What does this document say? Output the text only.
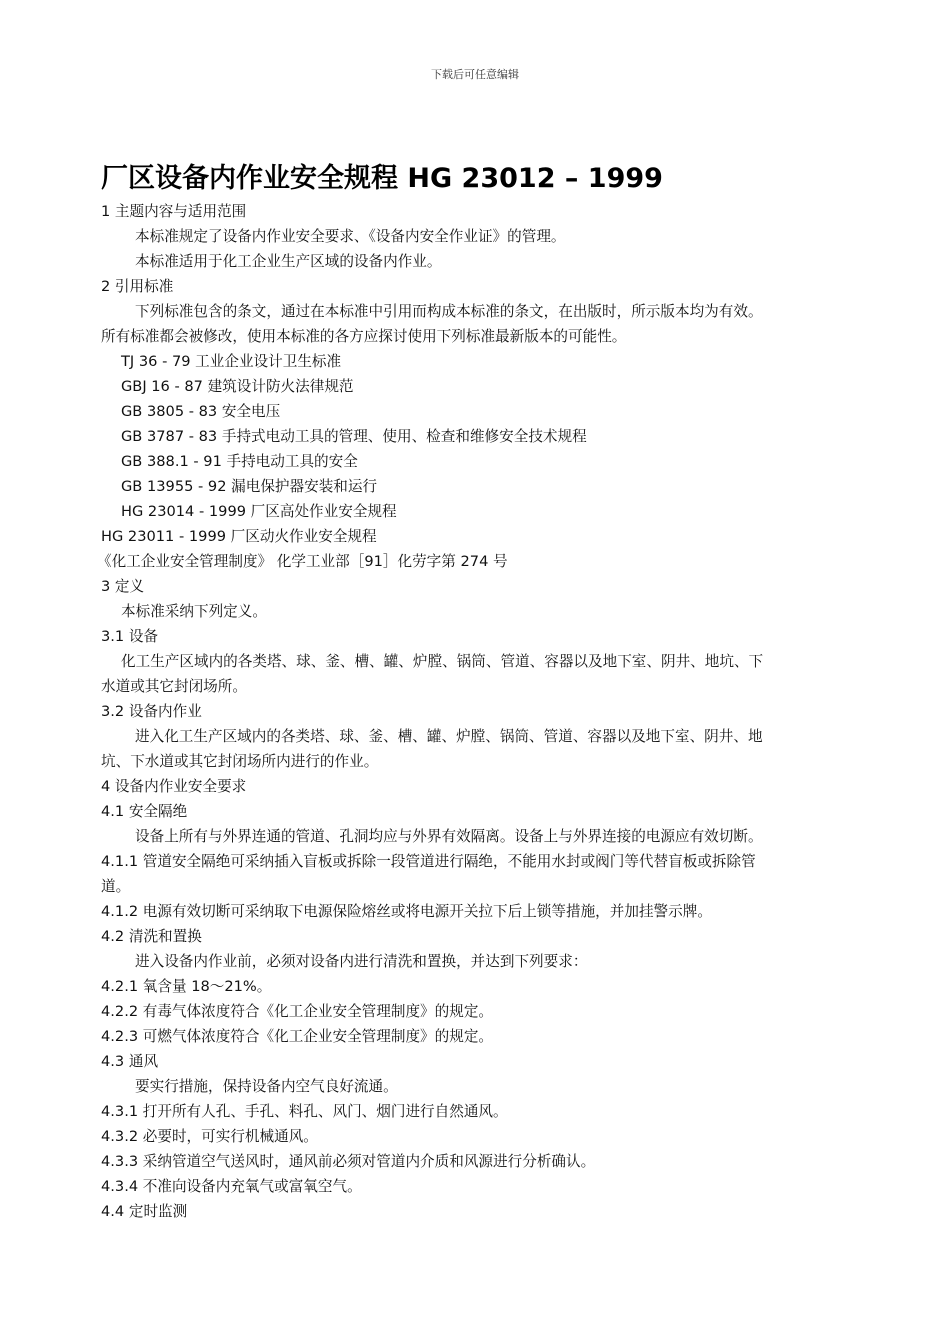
下载后可任意编辑
厂区设备内作业安全规程 HG 23012 – 1999
1 主题内容与适用范围
本标准规定了设备内作业安全要求、《设备内安全作业证》的管理。
本标准适用于化工企业生产区域的设备内作业。
2 引用标准
下列标准包含的条文，通过在本标准中引用而构成本标准的条文，在出版时，所示版本均为有效。
所有标准都会被修改，使用本标准的各方应探讨使用下列标准最新版本的可能性。
TJ 36 - 79 工业企业设计卫生标准
GBJ 16 - 87 建筑设计防火法律规范
GB 3805 - 83 安全电压
GB 3787 - 83 手持式电动工具的管理、使用、检查和维修安全技术规程
GB 388.1 - 91 手持电动工具的安全
GB 13955 - 92 漏电保护器安装和运行
HG 23014 - 1999 厂区高处作业安全规程
HG 23011 - 1999 厂区动火作业安全规程
《化工企业安全管理制度》 化学工业部［91］化劳字第 274 号
3 定义
本标准采纳下列定义。
3.1 设备
化工生产区域内的各类塔、球、釜、槽、罐、炉膛、锅筒、管道、容器以及地下室、阴井、地坑、下
水道或其它封闭场所。
3.2 设备内作业
进入化工生产区域内的各类塔、球、釜、槽、罐、炉膛、锅筒、管道、容器以及地下室、阴井、地
坑、下水道或其它封闭场所内进行的作业。
4 设备内作业安全要求
4.1 安全隔绝
设备上所有与外界连通的管道、孔洞均应与外界有效隔离。设备上与外界连接的电源应有效切断。
4.1.1 管道安全隔绝可采纳插入盲板或拆除一段管道进行隔绝，不能用水封或阀门等代替盲板或拆除管
道。
4.1.2 电源有效切断可采纳取下电源保险熔丝或将电源开关拉下后上锁等措施，并加挂警示牌。
4.2 清洗和置换
进入设备内作业前，必须对设备内进行清洗和置换，并达到下列要求：
4.2.1 氧含量 18～21%。
4.2.2 有毒气体浓度符合《化工企业安全管理制度》的规定。
4.2.3 可燃气体浓度符合《化工企业安全管理制度》的规定。
4.3 通风
要实行措施，保持设备内空气良好流通。
4.3.1 打开所有人孔、手孔、料孔、风门、烟门进行自然通风。
4.3.2 必要时，可实行机械通风。
4.3.3 采纳管道空气送风时，通风前必须对管道内介质和风源进行分析确认。
4.3.4 不准向设备内充氧气或富氧空气。
4.4 定时监测
